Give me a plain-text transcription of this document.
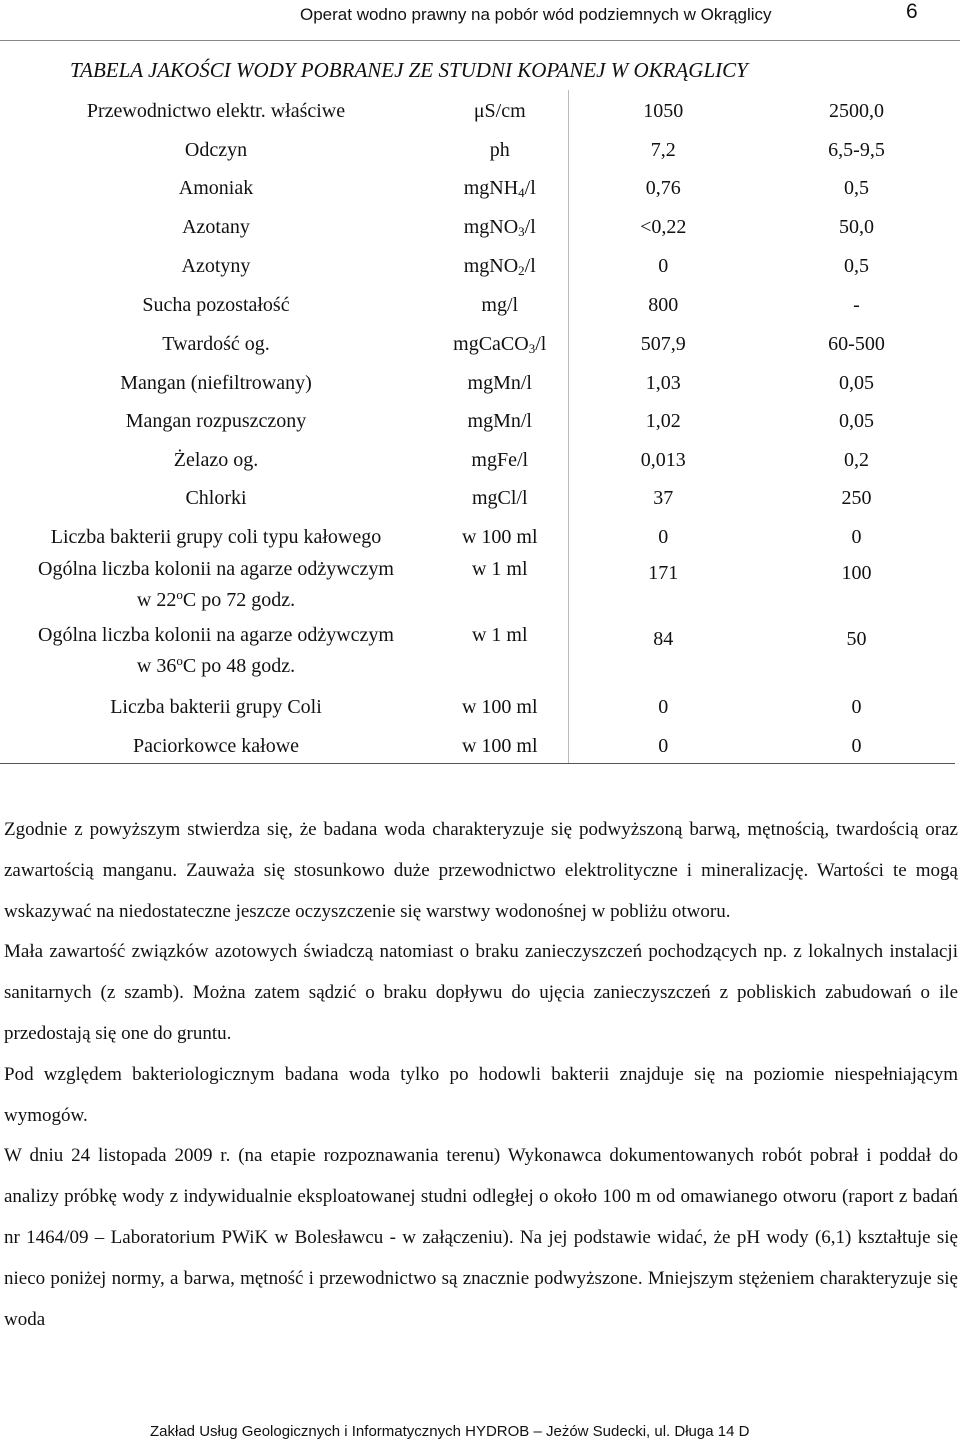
Operat wodno prawny na pobór wód podziemnych w Okrąglicy	6
TABELA JAKOŚCI WODY POBRANEJ ZE STUDNI KOPANEJ W OKRĄGLICY
Przewodnictwo elektr. właściwe	μS/cm	1050	2500,0
Odczyn	ph	7,2	6,5-9,5
Amoniak	mgNH$_4$/l	0,76	0,5
Azotany	mgNO$_3$/l	<0,22	50,0
Azotyny	mgNO$_2$/l	0	0,5
Sucha pozostałość	mg/l	800	-
Twardość og.	mgCaCO$_3$/l	507,9	60-500
Mangan (niefiltrowany)	mgMn/l	1,03	0,05
Mangan rozpuszczony	mgMn/l	1,02	0,05
Żelazo og.	mgFe/l	0,013	0,2
Chlorki	mgCl/l	37	250
Liczba bakterii grupy coli typu kałowego	w 100 ml	0	0
Ogólna liczba kolonii na agarze odżywczym
w 22$^o$C po 72 godz.	w 1 ml	171	100
Ogólna liczba kolonii na agarze odżywczym
w 36$^o$C po 48 godz.	w 1 ml	84	50
Liczba bakterii grupy Coli	w 100 ml	0	0
Paciorkowce kałowe	w 100 ml	0	0

Zgodnie z powyższym stwierdza się, że badana woda charakteryzuje się podwyższoną barwą, mętnością, twardością oraz zawartością manganu. Zauważa się stosunkowo duże przewodnictwo elektrolityczne i mineralizację. Wartości te mogą wskazywać na niedostateczne jeszcze oczyszczenie się warstwy wodonośnej w pobliżu otworu.

Mała zawartość związków azotowych świadczą natomiast o braku zanieczyszczeń pochodzących np. z lokalnych instalacji sanitarnych (z szamb). Można zatem sądzić o braku dopływu do ujęcia zanieczyszczeń z pobliskich zabudowań o ile przedostają się one do gruntu.

Pod względem bakteriologicznym badana woda tylko po hodowli bakterii znajduje się na poziomie niespełniającym wymogów.

W dniu 24 listopada 2009 r. (na etapie rozpoznawania terenu) Wykonawca dokumentowanych robót pobrał i poddał do analizy próbkę wody z indywidualnie eksploatowanej studni odległej o około 100 m od omawianego otworu (raport z badań nr 1464/09 – Laboratorium PWiK w Bolesławcu - w załączeniu). Na jej podstawie widać, że pH wody (6,1) kształtuje się nieco poniżej normy, a barwa, mętność i przewodnictwo są znacznie podwyższone. Mniejszym stężeniem charakteryzuje się woda

Zakład Usług Geologicznych i Informatycznych HYDROB – Jeżów Sudecki, ul. Długa 14 D
